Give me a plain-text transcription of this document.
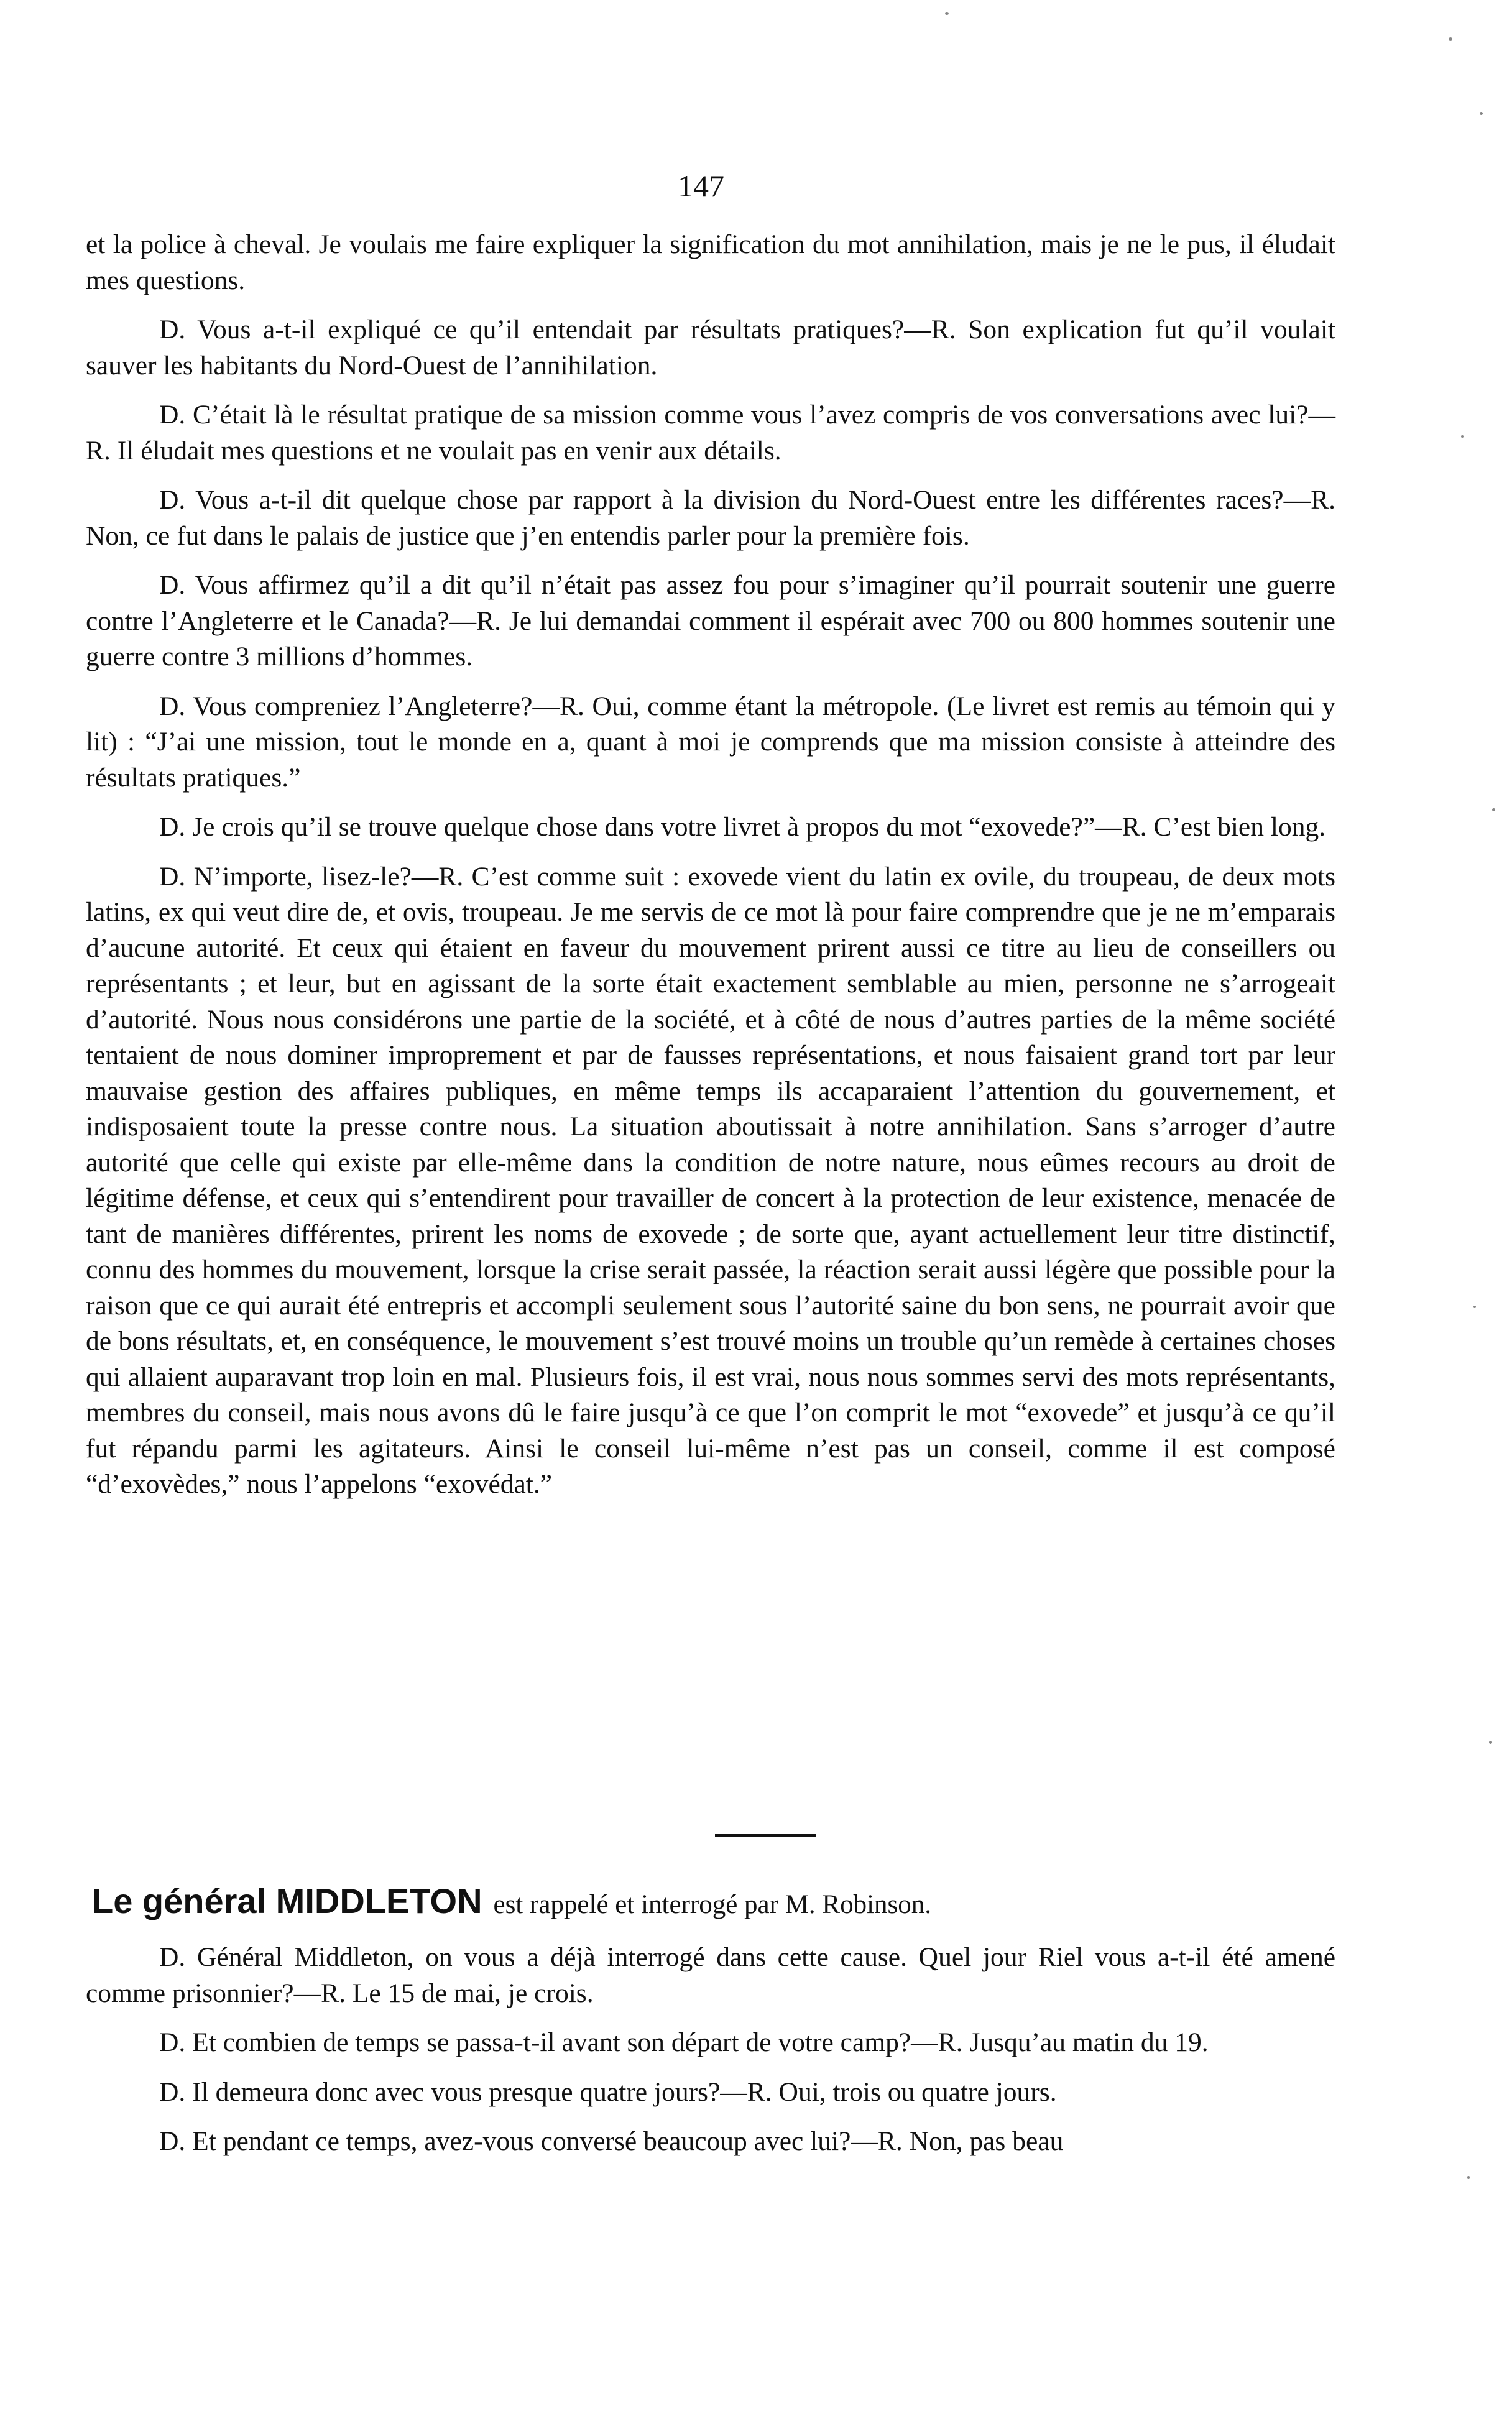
147

et la police à cheval. Je voulais me faire expliquer la signification du mot annihilation, mais je ne le pus, il éludait mes questions.

D. Vous a-t-il expliqué ce qu’il entendait par résultats pratiques?—R. Son explication fut qu’il voulait sauver les habitants du Nord-Ouest de l’annihilation.

D. C’était là le résultat pratique de sa mission comme vous l’avez compris de vos conversations avec lui?—R. Il éludait mes questions et ne voulait pas en venir aux détails.

D. Vous a-t-il dit quelque chose par rapport à la division du Nord-Ouest entre les différentes races?—R. Non, ce fut dans le palais de justice que j’en entendis parler pour la première fois.

D. Vous affirmez qu’il a dit qu’il n’était pas assez fou pour s’imaginer qu’il pourrait soutenir une guerre contre l’Angleterre et le Canada?—R. Je lui demandai comment il espérait avec 700 ou 800 hommes soutenir une guerre contre 3 millions d’hommes.

D. Vous compreniez l’Angleterre?—R. Oui, comme étant la métropole. (Le livret est remis au témoin qui y lit) : “J’ai une mission, tout le monde en a, quant à moi je comprends que ma mission consiste à atteindre des résultats pratiques.”

D. Je crois qu’il se trouve quelque chose dans votre livret à propos du mot “exovede?”—R. C’est bien long.

D. N’importe, lisez-le?—R. C’est comme suit : exovede vient du latin ex ovile, du troupeau, de deux mots latins, ex qui veut dire de, et ovis, troupeau. Je me servis de ce mot là pour faire comprendre que je ne m’emparais d’aucune autorité. Et ceux qui étaient en faveur du mouvement prirent aussi ce titre au lieu de conseillers ou représentants ; et leur, but en agissant de la sorte était exactement semblable au mien, personne ne s’arrogeait d’autorité. Nous nous considérons une partie de la société, et à côté de nous d’autres parties de la même société tentaient de nous dominer improprement et par de fausses représentations, et nous faisaient grand tort par leur mauvaise gestion des affaires publiques, en même temps ils accaparaient l’attention du gouvernement, et indisposaient toute la presse contre nous. La situation aboutissait à notre annihilation. Sans s’arroger d’autre autorité que celle qui existe par elle-même dans la condition de notre nature, nous eûmes recours au droit de légitime défense, et ceux qui s’entendirent pour travailler de concert à la protection de leur existence, menacée de tant de manières différentes, prirent les noms de exovede ; de sorte que, ayant actuellement leur titre distinctif, connu des hommes du mouvement, lorsque la crise serait passée, la réaction serait aussi légère que possible pour la raison que ce qui aurait été entrepris et accompli seulement sous l’autorité saine du bon sens, ne pourrait avoir que de bons résultats, et, en conséquence, le mouvement s’est trouvé moins un trouble qu’un remède à certaines choses qui allaient auparavant trop loin en mal. Plusieurs fois, il est vrai, nous nous sommes servi des mots représentants, membres du conseil, mais nous avons dû le faire jusqu’à ce que l’on comprit le mot “exovede” et jusqu’à ce qu’il fut répandu parmi les agitateurs. Ainsi le conseil lui-même n’est pas un conseil, comme il est composé “d’exovèdes,” nous l’appelons “exovédat.”

Le général MIDDLETON est rappelé et interrogé par M. Robinson.

D. Général Middleton, on vous a déjà interrogé dans cette cause. Quel jour Riel vous a-t-il été amené comme prisonnier?—R. Le 15 de mai, je crois.

D. Et combien de temps se passa-t-il avant son départ de votre camp?—R. Jusqu’au matin du 19.

D. Il demeura donc avec vous presque quatre jours?—R. Oui, trois ou quatre jours.

D. Et pendant ce temps, avez-vous conversé beaucoup avec lui?—R. Non, pas beau
